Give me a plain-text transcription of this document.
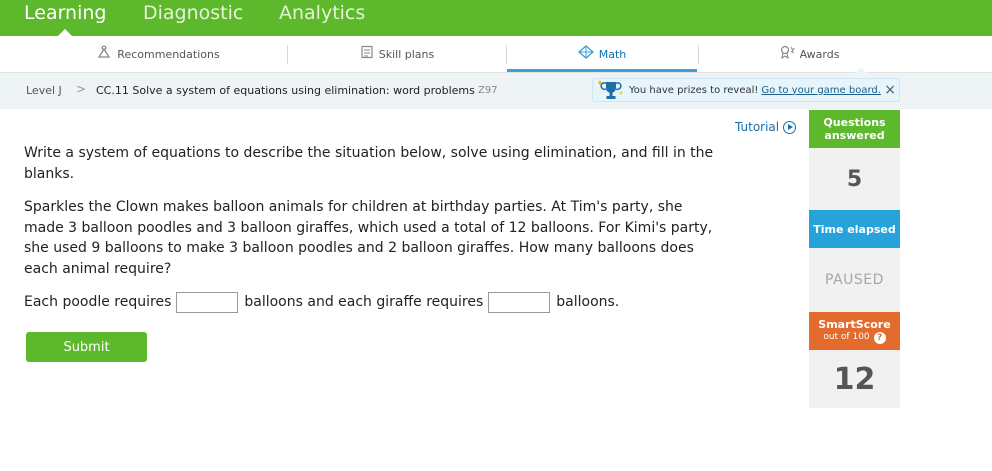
Learning Diagnostic Analytics
Recommendations	Skill plans	Math	Awards
Level J > CC.11 Solve a system of equations using elimination: word problems Z97	You have prizes to reveal! Go to your game board. ×
Tutorial
Write a system of equations to describe the situation below, solve using elimination, and fill in the blanks.
Sparkles the Clown makes balloon animals for children at birthday parties. At Tim's party, she made 3 balloon poodles and 3 balloon giraffes, which used a total of 12 balloons. For Kimi's party, she used 9 balloons to make 3 balloon poodles and 2 balloon giraffes. How many balloons does each animal require?
Each poodle requires	balloons and each giraffe requires	balloons.
Submit
Questions answered
5
Time elapsed
PAUSED
SmartScore
out of 100 ?
12
